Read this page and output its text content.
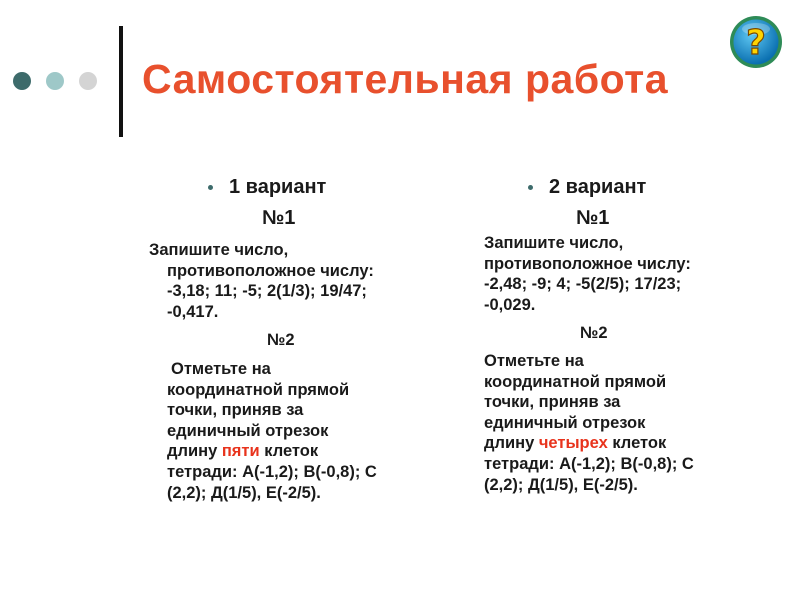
Самостоятельная работа
?
1 вариант
№1
Запишите число,
противоположное числу:
-3,18; 11; -5; 2(1/3); 19/47;
-0,417.
№2
Отметьте на
координатной прямой
точки, приняв за
единичный отрезок
длину пяти клеток
тетради: А(-1,2); В(-0,8); С
(2,2); Д(1/5), Е(-2/5).
2 вариант
№1
Запишите число,
противоположное числу:
-2,48; -9; 4; -5(2/5); 17/23;
-0,029.
№2
Отметьте на
координатной прямой
точки, приняв за
единичный отрезок
длину четырех клеток
тетради: А(-1,2); В(-0,8); С
(2,2); Д(1/5), Е(-2/5).
